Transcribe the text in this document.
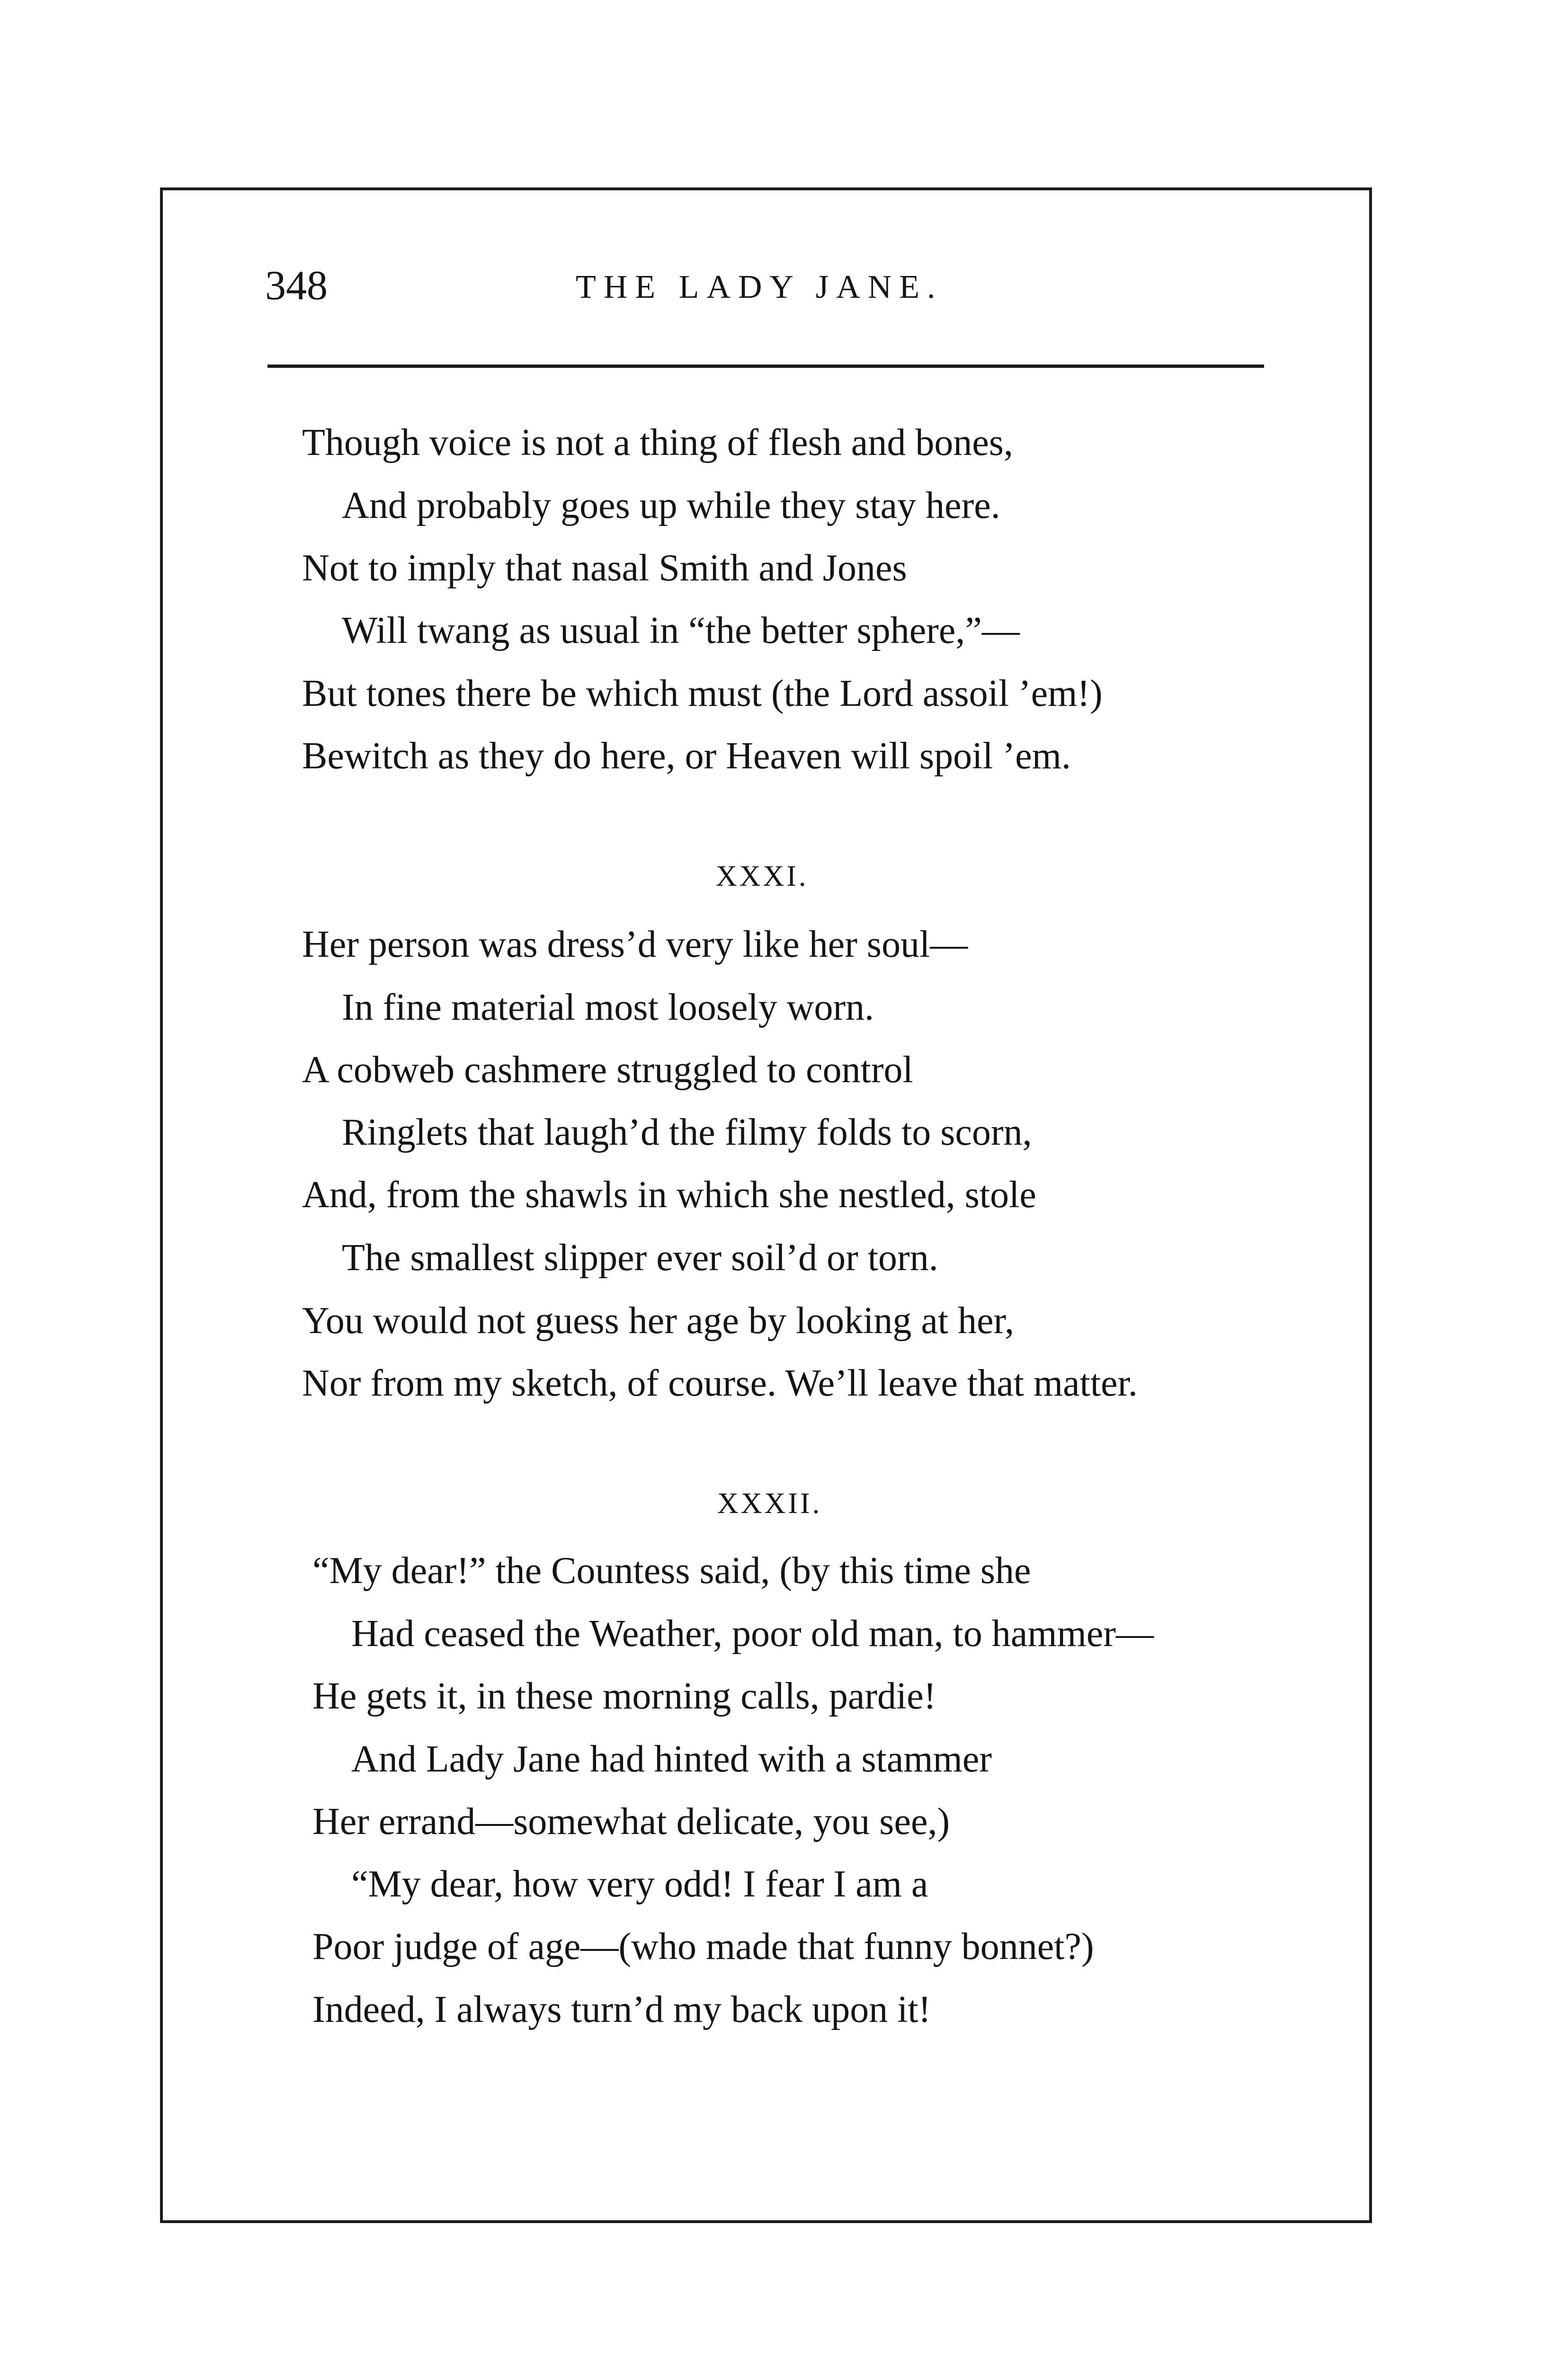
348	THE LADY JANE.
Though voice is not a thing of flesh and bones,
And probably goes up while they stay here.
Not to imply that nasal Smith and Jones
Will twang as usual in “the better sphere,”—
But tones there be which must (the Lord assoil ’em!)
Bewitch as they do here, or Heaven will spoil ’em.
XXXI.
Her person was dress’d very like her soul—
In fine material most loosely worn.
A cobweb cashmere struggled to control
Ringlets that laugh’d the filmy folds to scorn,
And, from the shawls in which she nestled, stole
The smallest slipper ever soil’d or torn.
You would not guess her age by looking at her,
Nor from my sketch, of course. We’ll leave that matter.
XXXII.
“My dear!” the Countess said, (by this time she
Had ceased the Weather, poor old man, to hammer—
He gets it, in these morning calls, pardie!
And Lady Jane had hinted with a stammer
Her errand—somewhat delicate, you see,)
“My dear, how very odd! I fear I am a
Poor judge of age—(who made that funny bonnet?)
Indeed, I always turn’d my back upon it!
